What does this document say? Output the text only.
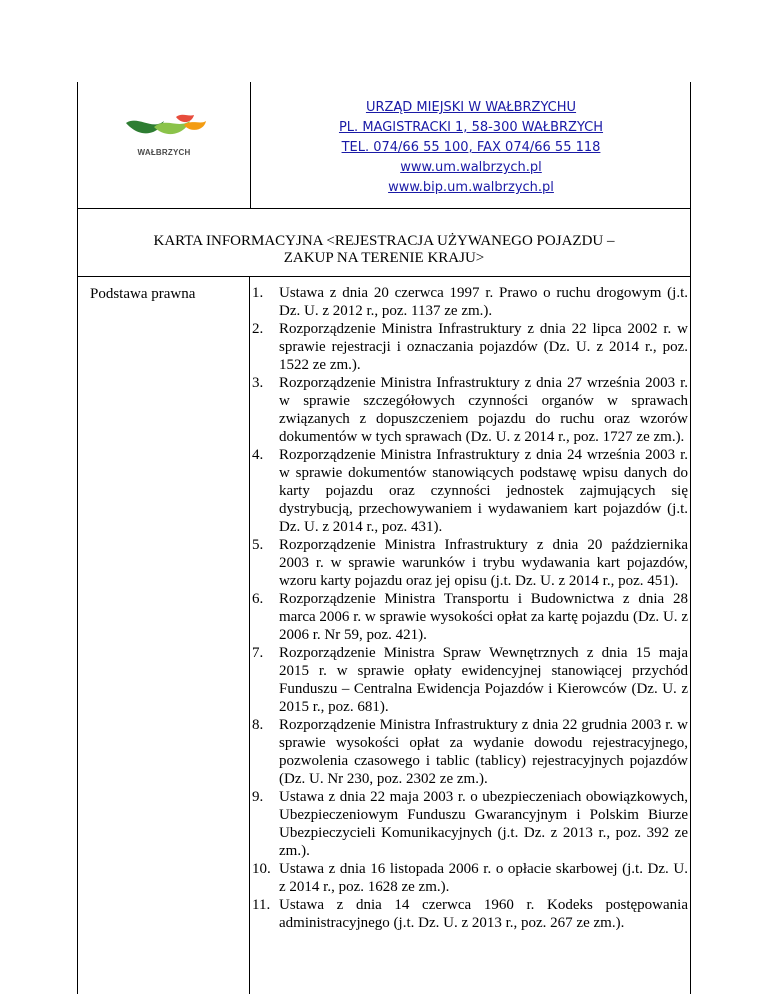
WAŁBRZYCH
URZĄD MIEJSKI W WAŁBRZYCHU
PL. MAGISTRACKI 1, 58-300 WAŁBRZYCH
TEL. 074/66 55 100, FAX 074/66 55 118
www.um.walbrzych.pl
www.bip.um.walbrzych.pl
KARTA INFORMACYJNA <REJESTRACJA UŻYWANEGO POJAZDU –
ZAKUP NA TERENIE KRAJU>
Podstawa prawna	1. Ustawa z dnia 20 czerwca 1997 r. Prawo o ruchu drogowym (j.t. Dz. U. z 2012 r., poz. 1137 ze zm.).
2. Rozporządzenie Ministra Infrastruktury z dnia 22 lipca 2002 r. w sprawie rejestracji i oznaczania pojazdów (Dz. U. z 2014 r., poz. 1522 ze zm.).
3. Rozporządzenie Ministra Infrastruktury z dnia 27 września 2003 r. w sprawie szczegółowych czynności organów w sprawach związanych z dopuszczeniem pojazdu do ruchu oraz wzorów dokumentów w tych sprawach (Dz. U. z 2014 r., poz. 1727 ze zm.).
4. Rozporządzenie Ministra Infrastruktury z dnia 24 września 2003 r. w sprawie dokumentów stanowiących podstawę wpisu danych do karty pojazdu oraz czynności jednostek zajmujących się dystrybucją, przechowywaniem i wydawaniem kart pojazdów (j.t. Dz. U. z 2014 r., poz. 431).
5. Rozporządzenie Ministra Infrastruktury z dnia 20 października 2003 r. w sprawie warunków i trybu wydawania kart pojazdów, wzoru karty pojazdu oraz jej opisu (j.t. Dz. U. z 2014 r., poz. 451).
6. Rozporządzenie Ministra Transportu i Budownictwa z dnia 28 marca 2006 r. w sprawie wysokości opłat za kartę pojazdu (Dz. U. z 2006 r. Nr 59, poz. 421).
7. Rozporządzenie Ministra Spraw Wewnętrznych z dnia 15 maja 2015 r. w sprawie opłaty ewidencyjnej stanowiącej przychód Funduszu – Centralna Ewidencja Pojazdów i Kierowców (Dz. U. z 2015 r., poz. 681).
8. Rozporządzenie Ministra Infrastruktury z dnia 22 grudnia 2003 r. w sprawie wysokości opłat za wydanie dowodu rejestracyjnego, pozwolenia czasowego i tablic (tablicy) rejestracyjnych pojazdów (Dz. U. Nr 230, poz. 2302 ze zm.).
9. Ustawa z dnia 22 maja 2003 r. o ubezpieczeniach obowiązkowych, Ubezpieczeniowym Funduszu Gwarancyjnym i Polskim Biurze Ubezpieczycieli Komunikacyjnych (j.t. Dz. z 2013 r., poz. 392 ze zm.).
10. Ustawa z dnia 16 listopada 2006 r. o opłacie skarbowej (j.t. Dz. U. z 2014 r., poz. 1628 ze zm.).
11. Ustawa z dnia 14 czerwca 1960 r. Kodeks postępowania administracyjnego (j.t. Dz. U. z 2013 r., poz. 267 ze zm.).
